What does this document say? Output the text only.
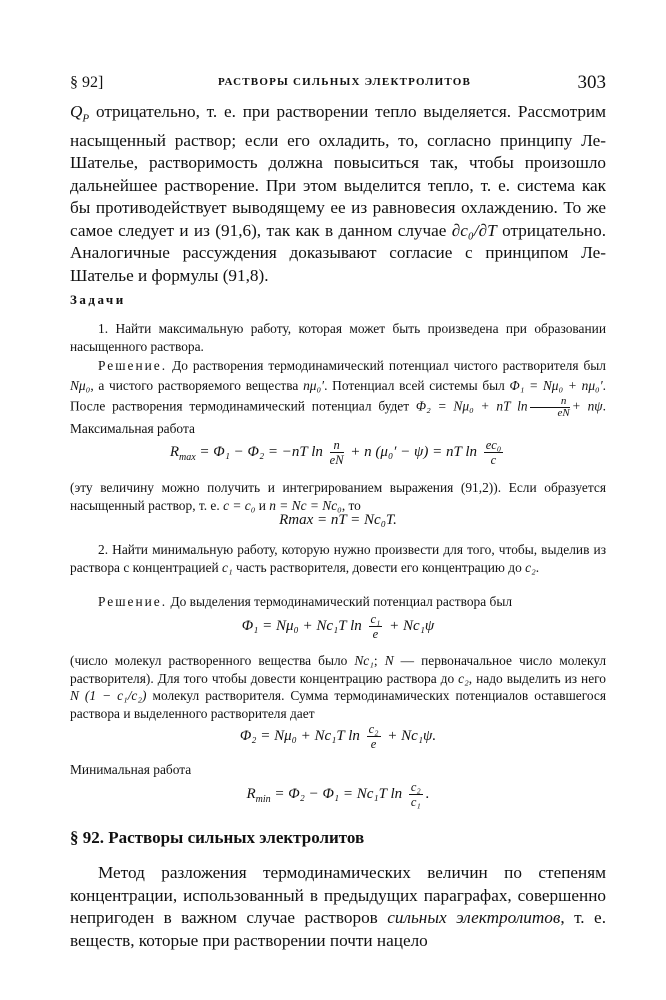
§ 92]	РАСТВОРЫ СИЛЬНЫХ ЭЛЕКТРОЛИТОВ	303

$Q_P$ отрицательно, т. е. при растворении тепло выделяется. Рассмотрим насыщенный раствор; если его охладить, то, согласно принципу Ле-Шателье, растворимость должна повыситься так, чтобы произошло дальнейшее растворение. При этом выделится тепло, т. е. система как бы противодействует выводящему ее из равновесия охлаждению. То же самое следует и из (91,6), так как в данном случае ∂c₀/∂T отрицательно. Аналогичные рассуждения доказывают согласие с принципом Ле-Шателье и формулы (91,8).

Задачи

1. Найти максимальную работу, которая может быть произведена при образовании насыщенного раствора.

Решение. До растворения термодинамический потенциал чистого растворителя был Nμ₀, а чистого растворяемого вещества nμ₀′. Потенциал всей системы был Φ₁ = Nμ₀ + nμ₀′. После растворения термодинамический потенциал будет Φ₂ = Nμ₀ + nT $\ln \frac{n}{eN} + n\psi$. Максимальная работа

$R_{max} = \Phi_1 - \Phi_2 = -nT$ $\ln \frac{n}{eN} + n$ (μ₀′ − ψ) = nT $\ln \frac{\text{ec₀}}{c}$

(эту величину можно получить и интегрированием выражения (91,2)). Если образуется насыщенный раствор, т. е. c = c₀ и n = Nc = Nc₀, то

Rmax = nT = Nc₀T.

2. Найти минимальную работу, которую нужно произвести для того, чтобы, выделив из раствора с концентрацией c₁ часть растворителя, довести его концентрацию до c₂.

Решение. До выделения термодинамический потенциал раствора был

Φ₁ = Nμ₀ + Nc₁T $\ln \frac{\text{c₁}}{e} + Nc_1\psi$

(число молекул растворенного вещества было Nc₁; N — первоначальное число молекул растворителя). Для того чтобы довести концентрацию раствора до c₂, надо выделить из него N (1 − c₁/c₂) молекул растворителя. Сумма термодинамических потенциалов оставшегося раствора и выделенного растворителя дает

Φ₂ = Nμ₀ + Nc₁T $\ln \frac{\text{c₂}}{e} + Nc_1\psi$.

Минимальная работа

$R_{min} = \Phi_2 - \Phi_1 = Nc_1T$ $\ln \frac{\text{c₂}}{\text{c₁}}$ .
§ 92. Растворы сильных электролитов

Метод разложения термодинамических величин по степеням концентрации, использованный в предыдущих параграфах, совершенно непригоден в важном случае растворов сильных электролитов, т. е. веществ, которые при растворении почти нацело
